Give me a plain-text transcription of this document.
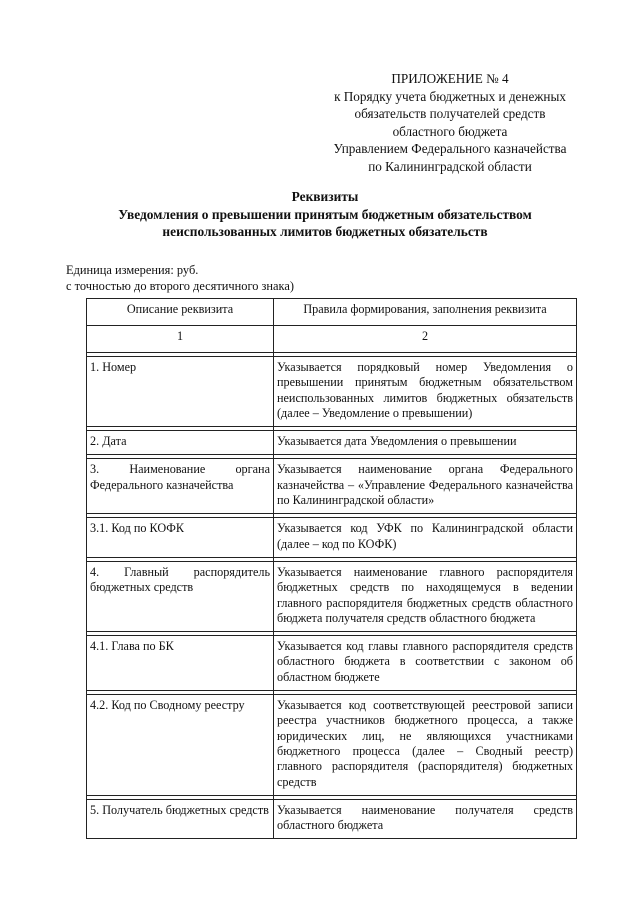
ПРИЛОЖЕНИЕ № 4
к Порядку учета бюджетных и денежных
обязательств получателей средств
областного бюджета
Управлением Федерального казначейства
по Калининградской области
Реквизиты
Уведомления о превышении принятым бюджетным обязательством
неиспользованных лимитов бюджетных обязательств
Единица измерения: руб.
с точностью до второго десятичного знака)
Описание реквизита	Правила формирования, заполнения реквизита
1	2

1. Номер	Указывается порядковый номер Уведомления о превышении принятым бюджетным обязательством неиспользованных лимитов бюджетных обязательств (далее – Уведомление о превышении)

2. Дата	Указывается дата Уведомления о превышении

3. Наименование органа Федерального казначейства	Указывается наименование органа Федерального казначейства – «Управление Федерального казначейства по Калининградской области»

3.1. Код по КОФК	Указывается код УФК по Калининградской области (далее – код по КОФК)

4. Главный распорядитель бюджетных средств	Указывается наименование главного распорядителя бюджетных средств по находящемуся в ведении главного распорядителя бюджетных средств областного бюджета получателя средств областного бюджета

4.1. Глава по БК	Указывается код главы главного распорядителя средств областного бюджета в соответствии с законом об областном бюджете

4.2. Код по Сводному реестру	Указывается код соответствующей реестровой записи реестра участников бюджетного процесса, а также юридических лиц, не являющихся участниками бюджетного процесса (далее – Сводный реестр) главного распорядителя (распорядителя) бюджетных средств

5. Получатель бюджетных средств	Указывается наименование получателя средств областного бюджета
